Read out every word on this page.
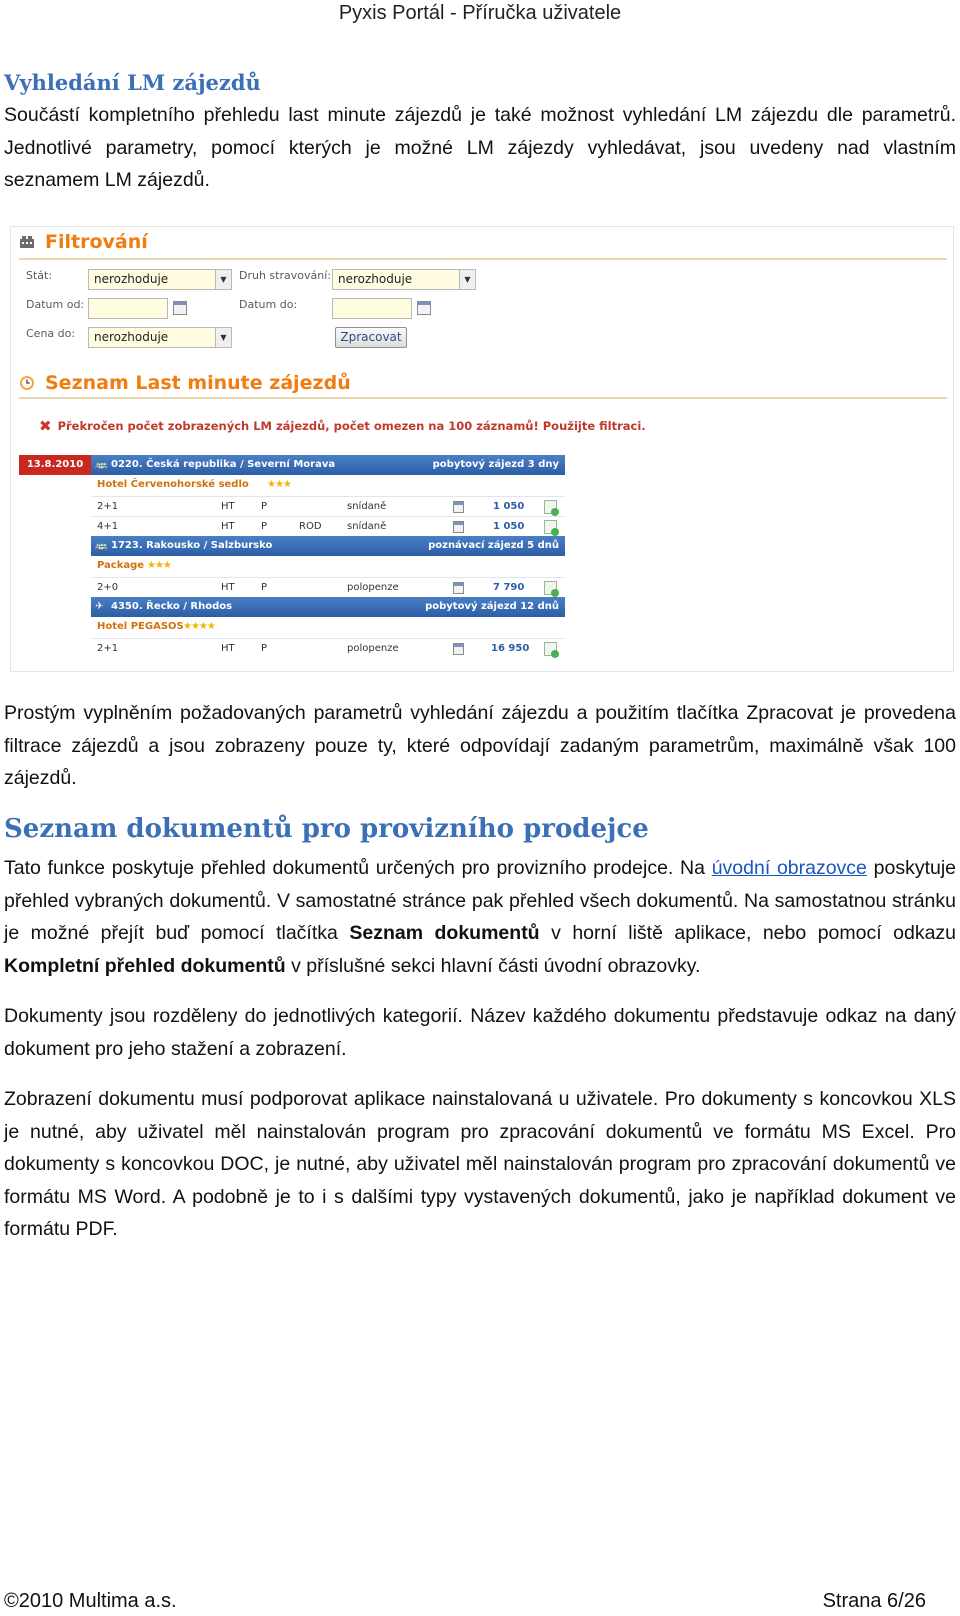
Pyxis Portál - Příručka uživatele
Vyhledání LM zájezdů
Součástí kompletního přehledu last minute zájezdů je také možnost vyhledání LM zájezdu dle parametrů. Jednotlivé parametry, pomocí kterých je možné LM zájezdy vyhledávat, jsou uvedeny nad vlastním seznamem LM zájezdů.
Filtrování
Stát:	nerozhoduje	▼	Druh stravování: nerozhoduje	▼
Datum od:	Datum do:
Cena do:	nerozhoduje	▼	Zpracovat
Seznam Last minute zájezdů
✖ Překročen počet zobrazených LM zájezdů, počet omezen na 100 záznamů! Použijte filtraci.
13.8.2010	🚌 0220. Česká republika / Severní Morava	pobytový zájezd 3 dny
Hotel Červenohorské sedlo ★★★
2+1	HT	P	snídaně	1 050
4+1	HT	P	ROD	snídaně	1 050
🚌 1723. Rakousko / Salzbursko	poznávací zájezd 5 dnů
Package ★★★
2+0	HT	P	polopenze	7 790
✈ 4350. Řecko / Rhodos	pobytový zájezd 12 dnů
Hotel PEGASOS ★★★★
2+1	HT	P	polopenze	16 950
Prostým vyplněním požadovaných parametrů vyhledání zájezdu a použitím tlačítka Zpracovat je provedena filtrace zájezdů a jsou zobrazeny pouze ty, které odpovídají zadaným parametrům, maximálně však 100 zájezdů.
Seznam dokumentů pro provizního prodejce
Tato funkce poskytuje přehled dokumentů určených pro provizního prodejce. Na úvodní obrazovce poskytuje přehled vybraných dokumentů. V samostatné stránce pak přehled všech dokumentů. Na samostatnou stránku je možné přejít buď pomocí tlačítka Seznam dokumentů v horní liště aplikace, nebo pomocí odkazu Kompletní přehled dokumentů v příslušné sekci hlavní části úvodní obrazovky.
Dokumenty jsou rozděleny do jednotlivých kategorií. Název každého dokumentu představuje odkaz na daný dokument pro jeho stažení a zobrazení.
Zobrazení dokumentu musí podporovat aplikace nainstalovaná u uživatele. Pro dokumenty s koncovkou XLS je nutné, aby uživatel měl nainstalován program pro zpracování dokumentů ve formátu MS Excel. Pro dokumenty s koncovkou DOC, je nutné, aby uživatel měl nainstalován program pro zpracování dokumentů ve formátu MS Word. A podobně je to i s dalšími typy vystavených dokumentů, jako je například dokument ve formátu PDF.
©2010 Multima a.s.	Strana 6/26
